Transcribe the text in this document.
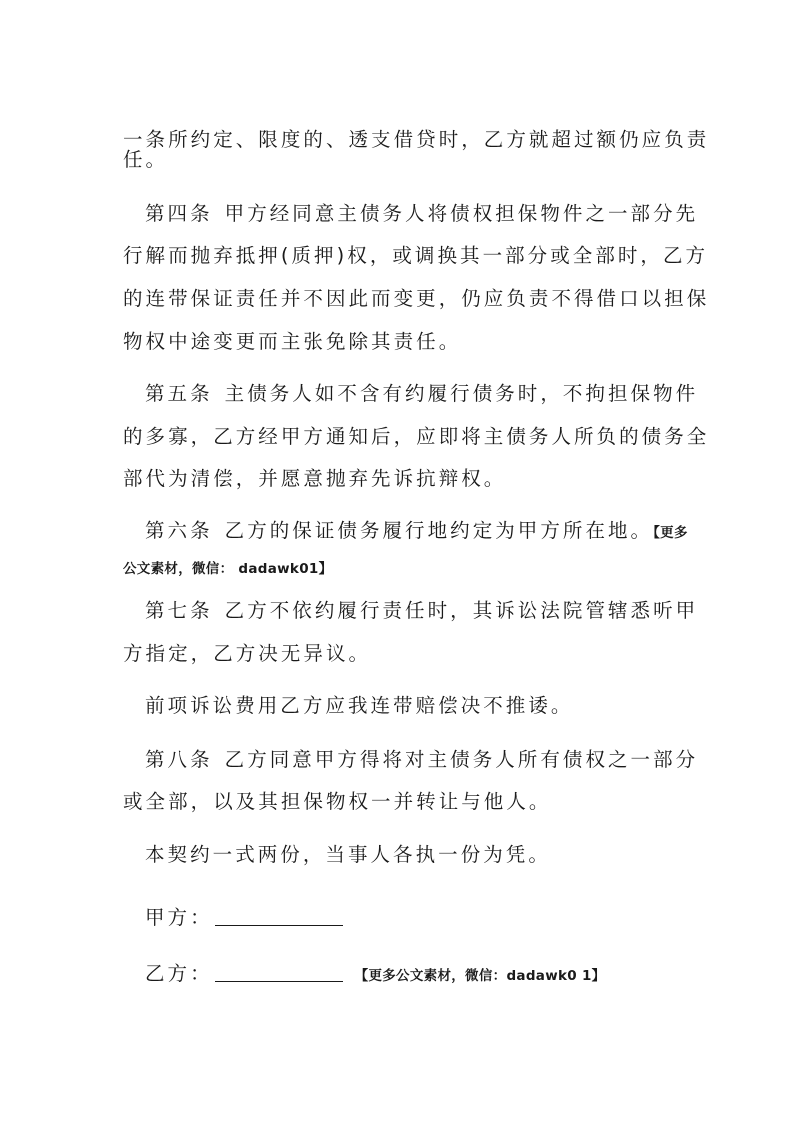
一条所约定、限度的、透支借贷时，乙方就超过额仍应负责
任。
第四条 甲方经同意主债务人将债权担保物件之一部分先
行解而抛弃抵押(质押)权，或调换其一部分或全部时，乙方
的连带保证责任并不因此而变更，仍应负责不得借口以担保
物权中途变更而主张免除其责任。
第五条 主债务人如不含有约履行债务时，不拘担保物件
的多寡，乙方经甲方通知后，应即将主债务人所负的债务全
部代为清偿，并愿意抛弃先诉抗辩权。
第六条 乙方的保证债务履行地约定为甲方所在地。【更多
公文素材，微信： dadawk01】
第七条 乙方不依约履行责任时，其诉讼法院管辖悉听甲
方指定，乙方决无异议。
前项诉讼费用乙方应我连带赔偿决不推诿。
第八条 乙方同意甲方得将对主债务人所有债权之一部分
或全部，以及其担保物权一并转让与他人。
本契约一式两份，当事人各执一份为凭。
甲方：
乙方：	【更多公文素材，微信：dadawk0 1】
